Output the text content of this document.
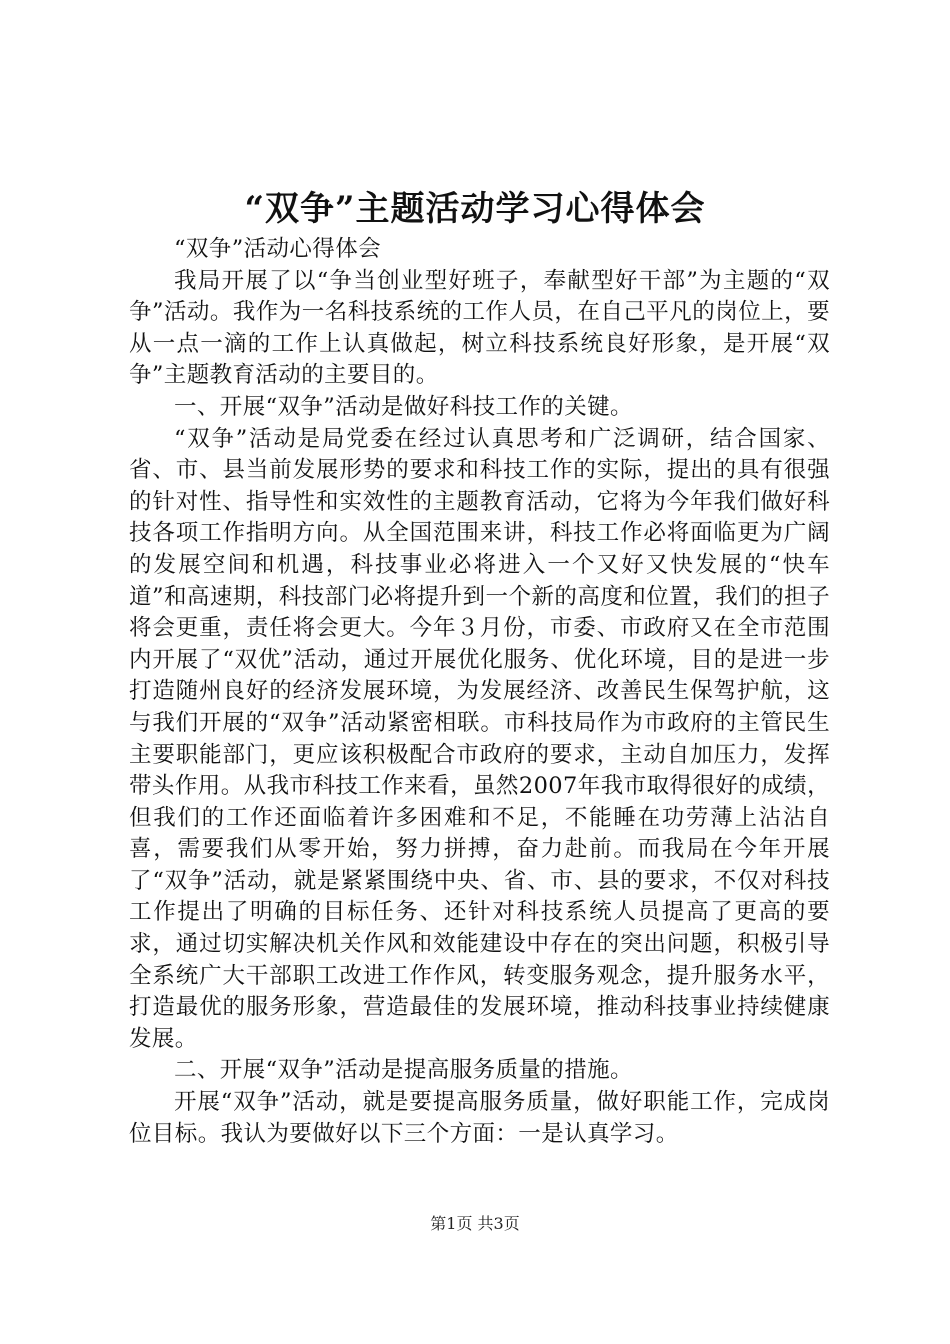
“双争”主题活动学习心得体会

“双争”活动心得体会

我局开展了以“争当创业型好班子，奉献型好干部”为主题的“双争”活动。我作为一名科技系统的工作人员，在自己平凡的岗位上，要从一点一滴的工作上认真做起，树立科技系统良好形象，是开展“双争”主题教育活动的主要目的。

一、开展“双争”活动是做好科技工作的关键。

“双争”活动是局党委在经过认真思考和广泛调研，结合国家、省、市、县当前发展形势的要求和科技工作的实际，提出的具有很强的针对性、指导性和实效性的主题教育活动，它将为今年我们做好科技各项工作指明方向。从全国范围来讲，科技工作必将面临更为广阔的发展空间和机遇，科技事业必将进入一个又好又快发展的“快车道”和高速期，科技部门必将提升到一个新的高度和位置，我们的担子将会更重，责任将会更大。今年３月份，市委、市政府又在全市范围内开展了“双优”活动，通过开展优化服务、优化环境，目的是进一步打造随州良好的经济发展环境，为发展经济、改善民生保驾护航，这与我们开展的“双争”活动紧密相联。市科技局作为市政府的主管民生主要职能部门，更应该积极配合市政府的要求，主动自加压力，发挥带头作用。从我市科技工作来看，虽然2007年我市取得很好的成绩，但我们的工作还面临着许多困难和不足，不能睡在功劳薄上沾沾自喜，需要我们从零开始，努力拼搏，奋力赴前。而我局在今年开展了“双争”活动，就是紧紧围绕中央、省、市、县的要求，不仅对科技工作提出了明确的目标任务、还针对科技系统人员提高了更高的要求，通过切实解决机关作风和效能建设中存在的突出问题，积极引导全系统广大干部职工改进工作作风，转变服务观念，提升服务水平，打造最优的服务形象，营造最佳的发展环境，推动科技事业持续健康发展。

二、开展“双争”活动是提高服务质量的措施。

开展“双争”活动，就是要提高服务质量，做好职能工作，完成岗位目标。我认为要做好以下三个方面：一是认真学习。

第1页 共3页
